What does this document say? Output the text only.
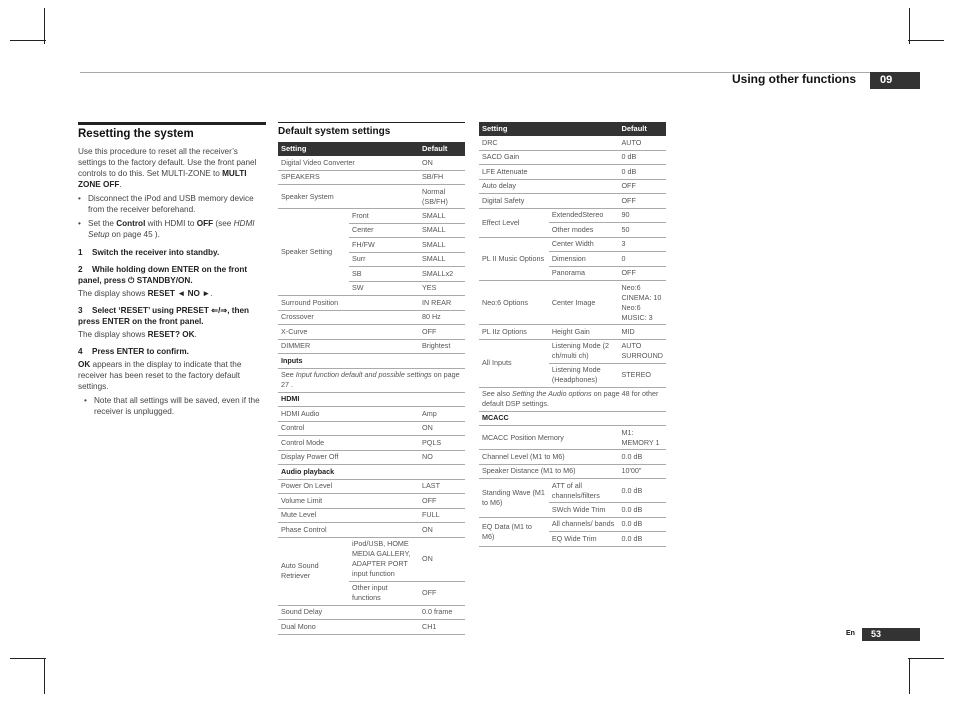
Using other functions	09
Resetting the system

Use this procedure to reset all the receiver’s settings to the factory default. Use the front panel controls to do this. Set MULTI-ZONE to MULTI ZONE OFF.

• Disconnect the iPod and USB memory device from the receiver beforehand.
• Set the Control with HDMI to OFF (see HDMI Setup on page 45 ).

1 Switch the receiver into standby.

2 While holding down ENTER on the front panel, press ⏻ STANDBY/ON.

The display shows RESET ◄ NO ►.

3 Select ‘RESET’ using PRESET ⇐/⇒, then press ENTER on the front panel.

The display shows RESET? OK.

4 Press ENTER to confirm.

OK appears in the display to indicate that the receiver has been reset to the factory default settings.

• Note that all settings will be saved, even if the receiver is unplugged.
Default system settings
Setting		Default
Digital Video Converter		ON
SPEAKERS		SB/FH
Speaker System		Normal (SB/FH)
Speaker Setting	Front	SMALL
	Center	SMALL
	FH/FW	SMALL
	Surr	SMALL
	SB	SMALLx2
	SW	YES
Surround Position		IN REAR
Crossover		80 Hz
X-Curve		OFF
DIMMER		Brightest
Inputs		
See Input function default and possible settings on page 27 .		
HDMI		
HDMI Audio		Amp
Control		ON
Control Mode		PQLS
Display Power Off		NO
Audio playback		
Power On Level		LAST
Volume Limit		OFF
Mute Level		FULL
Phase Control		ON
Auto Sound Retriever	iPod/USB, HOME MEDIA GALLERY, ADAPTER PORT input function	ON
	Other input functions	OFF
Sound Delay		0.0 frame
Dual Mono		CH1
Setting		Default
DRC		AUTO
SACD Gain		0 dB
LFE Attenuate		0 dB
Auto delay		OFF
Digital Safety		OFF
Effect Level	ExtendedStereo	90
	Other modes	50
PL II Music Options	Center Width	3
	Dimension	0
	Panorama	OFF
Neo:6 Options	Center Image	Neo:6 CINEMA: 10 Neo:6 MUSIC: 3
PL IIz Options	Height Gain	MID
All Inputs	Listening Mode (2 ch/multi ch)	AUTO SURROUND
	Listening Mode (Headphones)	STEREO
See also Setting the Audio options on page 48 for other default DSP settings.		
MCACC		
MCACC Position Memory		M1: MEMORY 1
Channel Level (M1 to M6)		0.0 dB
Speaker Distance (M1 to M6)		10'00"
Standing Wave (M1 to M6)	ATT of all channels/filters	0.0 dB
	SWch Wide Trim	0.0 dB
EQ Data (M1 to M6)	All channels/ bands	0.0 dB
	EQ Wide Trim	0.0 dB
En	53
